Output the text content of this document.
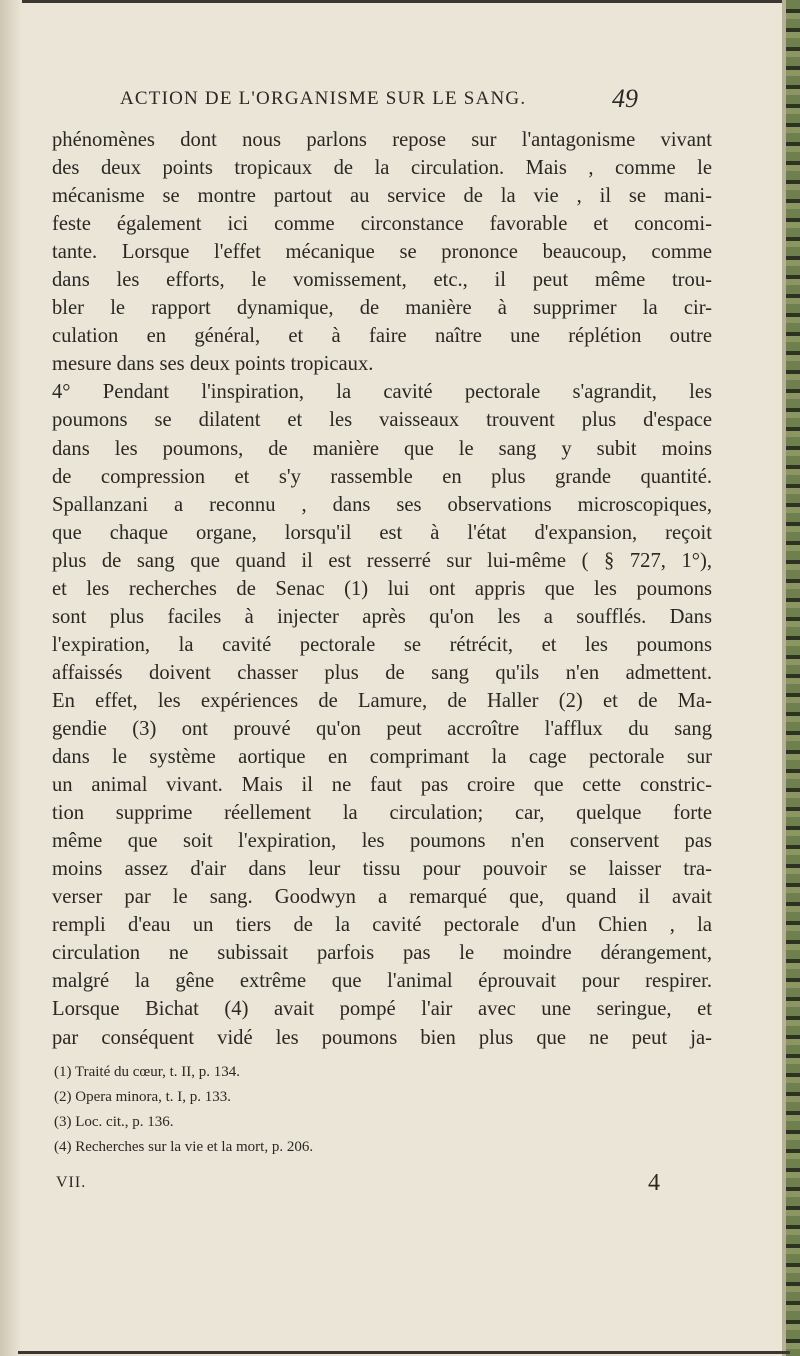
ACTION DE L'ORGANISME SUR LE SANG.	49

phénomènes dont nous parlons repose sur l'antagonisme vivant

des deux points tropicaux de la circulation. Mais , comme le

mécanisme se montre partout au service de la vie , il se mani-

feste également ici comme circonstance favorable et concomi-

tante. Lorsque l'effet mécanique se prononce beaucoup, comme

dans les efforts, le vomissement, etc., il peut même trou-

bler le rapport dynamique, de manière à supprimer la cir-

culation en général, et à faire naître une réplétion outre

mesure dans ses deux points tropicaux.

4° Pendant l'inspiration, la cavité pectorale s'agrandit, les

poumons se dilatent et les vaisseaux trouvent plus d'espace

dans les poumons, de manière que le sang y subit moins

de compression et s'y rassemble en plus grande quantité.

Spallanzani a reconnu , dans ses observations microscopiques,

que chaque organe, lorsqu'il est à l'état d'expansion, reçoit

plus de sang que quand il est resserré sur lui-même ( § 727, 1°),

et les recherches de Senac (1) lui ont appris que les poumons

sont plus faciles à injecter après qu'on les a soufflés. Dans

l'expiration, la cavité pectorale se rétrécit, et les poumons

affaissés doivent chasser plus de sang qu'ils n'en admettent.

En effet, les expériences de Lamure, de Haller (2) et de Ma-

gendie (3) ont prouvé qu'on peut accroître l'afflux du sang

dans le système aortique en comprimant la cage pectorale sur

un animal vivant. Mais il ne faut pas croire que cette constric-

tion supprime réellement la circulation; car, quelque forte

même que soit l'expiration, les poumons n'en conservent pas

moins assez d'air dans leur tissu pour pouvoir se laisser tra-

verser par le sang. Goodwyn a remarqué que, quand il avait

rempli d'eau un tiers de la cavité pectorale d'un Chien , la

circulation ne subissait parfois pas le moindre dérangement,

malgré la gêne extrême que l'animal éprouvait pour respirer.

Lorsque Bichat (4) avait pompé l'air avec une seringue, et

par conséquent vidé les poumons bien plus que ne peut ja-

(1) Traité du cœur, t. II, p. 134.
(2) Opera minora, t. I, p. 133.
(3) Loc. cit., p. 136.
(4) Recherches sur la vie et la mort, p. 206.
VII.	4
